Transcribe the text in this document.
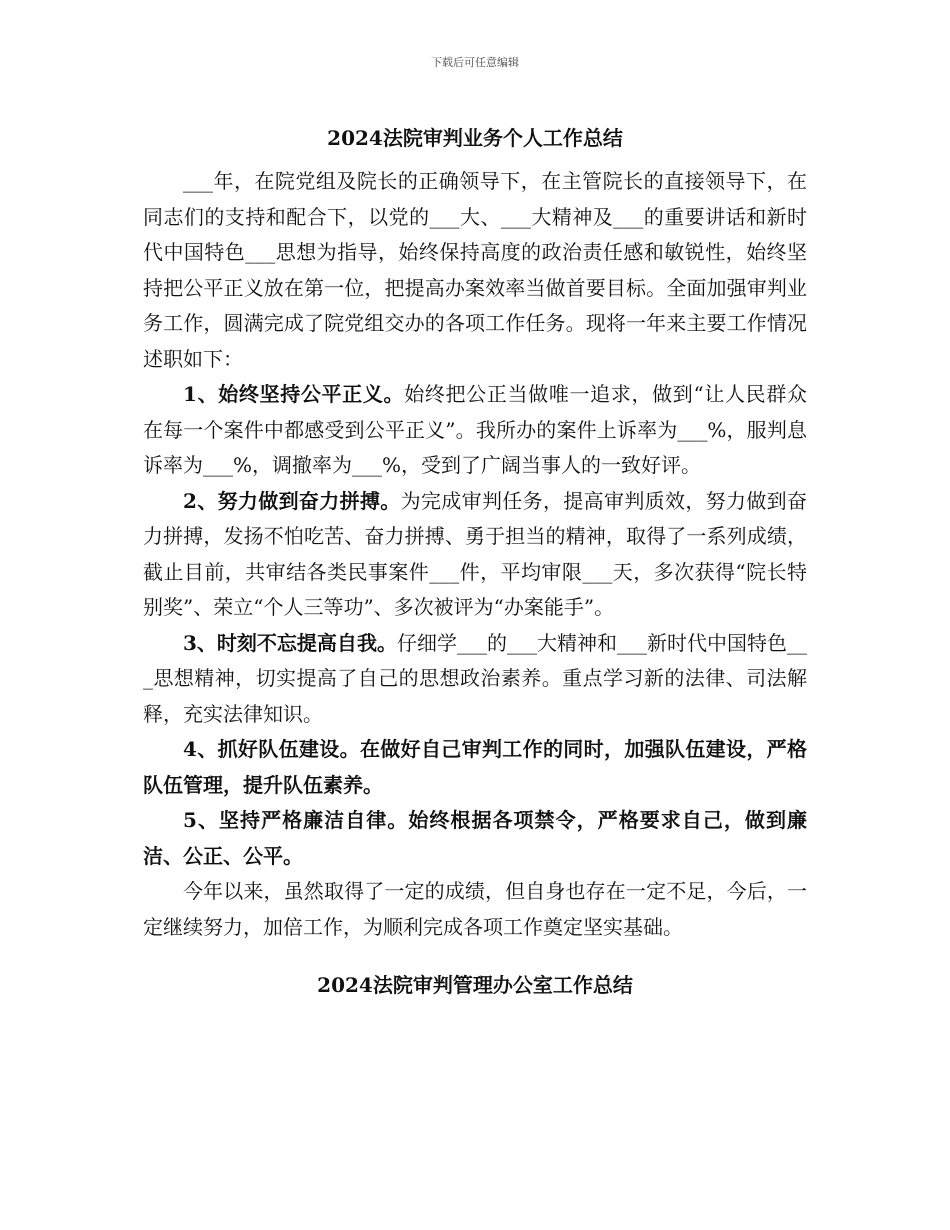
下载后可任意编辑
2024法院审判业务个人工作总结

___年，在院党组及院长的正确领导下，在主管院长的直接领导下，在同志们的支持和配合下，以党的___大、___大精神及___的重要讲话和新时代中国特色___思想为指导，始终保持高度的政治责任感和敏锐性，始终坚持把公平正义放在第一位，把提高办案效率当做首要目标。全面加强审判业务工作，圆满完成了院党组交办的各项工作任务。现将一年来主要工作情况述职如下：

1、始终坚持公平正义。始终把公正当做唯一追求，做到“让人民群众在每一个案件中都感受到公平正义”。我所办的案件上诉率为___%，服判息诉率为___%，调撤率为___%，受到了广阔当事人的一致好评。

2、努力做到奋力拼搏。为完成审判任务，提高审判质效，努力做到奋力拼搏，发扬不怕吃苦、奋力拼搏、勇于担当的精神，取得了一系列成绩，截止目前，共审结各类民事案件___件，平均审限___天，多次获得“院长特别奖”、荣立“个人三等功”、多次被评为“办案能手”。

3、时刻不忘提高自我。仔细学___的___大精神和___新时代中国特色___思想精神，切实提高了自己的思想政治素养。重点学习新的法律、司法解释，充实法律知识。

4、抓好队伍建设。在做好自己审判工作的同时，加强队伍建设，严格队伍管理，提升队伍素养。

5、坚持严格廉洁自律。始终根据各项禁令，严格要求自己，做到廉洁、公正、公平。

今年以来，虽然取得了一定的成绩，但自身也存在一定不足，今后，一定继续努力，加倍工作，为顺利完成各项工作奠定坚实基础。

2024法院审判管理办公室工作总结
